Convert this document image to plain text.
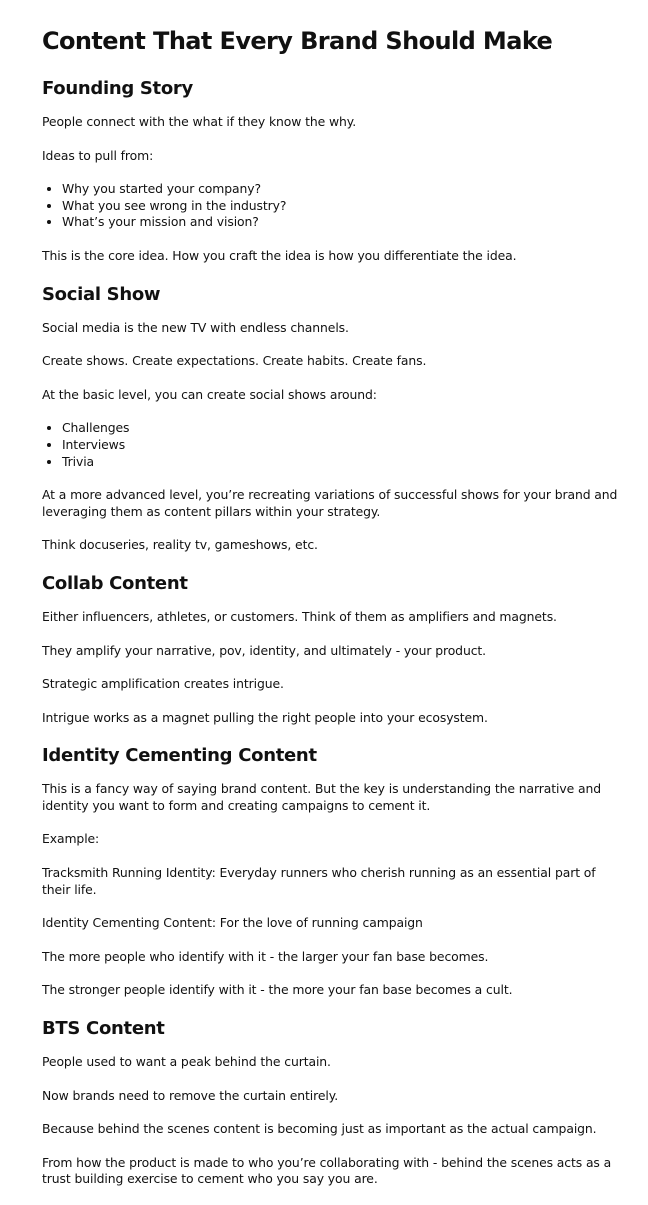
Content That Every Brand Should Make
Founding Story

People connect with the what if they know the why.

Ideas to pull from:

• Why you started your company?
• What you see wrong in the industry?
• What’s your mission and vision?

This is the core idea. How you craft the idea is how you differentiate the idea.

Social Show

Social media is the new TV with endless channels.

Create shows. Create expectations. Create habits. Create fans.

At the basic level, you can create social shows around:

• Challenges
• Interviews
• Trivia

At a more advanced level, you’re recreating variations of successful shows for your brand and leveraging them as content pillars within your strategy.

Think docuseries, reality tv, gameshows, etc.

Collab Content

Either influencers, athletes, or customers. Think of them as amplifiers and magnets.

They amplify your narrative, pov, identity, and ultimately - your product.

Strategic amplification creates intrigue.

Intrigue works as a magnet pulling the right people into your ecosystem.

Identity Cementing Content

This is a fancy way of saying brand content. But the key is understanding the narrative and identity you want to form and creating campaigns to cement it.

Example:

Tracksmith Running Identity: Everyday runners who cherish running as an essential part of their life.

Identity Cementing Content: For the love of running campaign

The more people who identify with it - the larger your fan base becomes.

The stronger people identify with it - the more your fan base becomes a cult.

BTS Content

People used to want a peak behind the curtain.

Now brands need to remove the curtain entirely.

Because behind the scenes content is becoming just as important as the actual campaign.

From how the product is made to who you’re collaborating with - behind the scenes acts as a trust building exercise to cement who you say you are.
